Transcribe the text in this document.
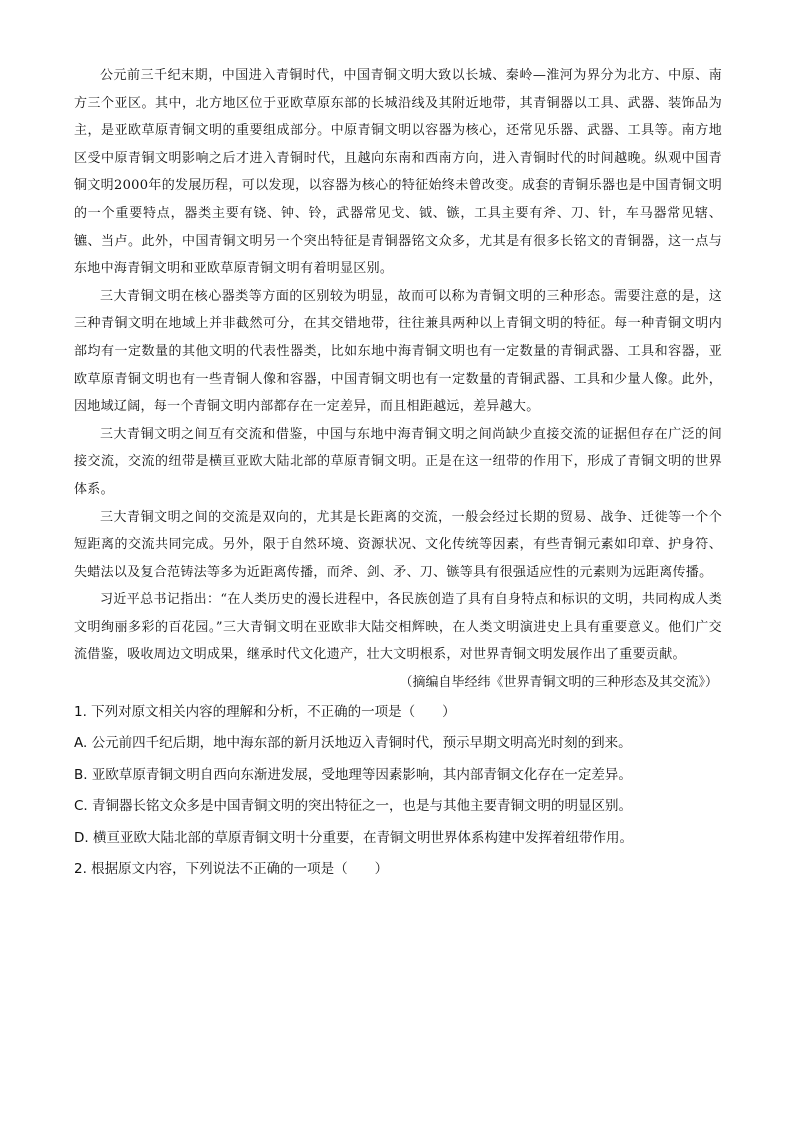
公元前三千纪末期，中国进入青铜时代，中国青铜文明大致以长城、秦岭—淮河为界分为北方、中原、南方三个亚区。其中，北方地区位于亚欧草原东部的长城沿线及其附近地带，其青铜器以工具、武器、装饰品为主，是亚欧草原青铜文明的重要组成部分。中原青铜文明以容器为核心，还常见乐器、武器、工具等。南方地区受中原青铜文明影响之后才进入青铜时代，且越向东南和西南方向，进入青铜时代的时间越晚。纵观中国青铜文明2000年的发展历程，可以发现，以容器为核心的特征始终未曾改变。成套的青铜乐器也是中国青铜文明的一个重要特点，器类主要有铙、钟、铃，武器常见戈、钺、镞，工具主要有斧、刀、针，车马器常见辖、镳、当卢。此外，中国青铜文明另一个突出特征是青铜器铭文众多，尤其是有很多长铭文的青铜器，这一点与东地中海青铜文明和亚欧草原青铜文明有着明显区别。

三大青铜文明在核心器类等方面的区别较为明显，故而可以称为青铜文明的三种形态。需要注意的是，这三种青铜文明在地域上并非截然可分，在其交错地带，往往兼具两种以上青铜文明的特征。每一种青铜文明内部均有一定数量的其他文明的代表性器类，比如东地中海青铜文明也有一定数量的青铜武器、工具和容器，亚欧草原青铜文明也有一些青铜人像和容器，中国青铜文明也有一定数量的青铜武器、工具和少量人像。此外，因地域辽阔，每一个青铜文明内部都存在一定差异，而且相距越远，差异越大。

三大青铜文明之间互有交流和借鉴，中国与东地中海青铜文明之间尚缺少直接交流的证据但存在广泛的间接交流，交流的纽带是横亘亚欧大陆北部的草原青铜文明。正是在这一纽带的作用下，形成了青铜文明的世界体系。

三大青铜文明之间的交流是双向的，尤其是长距离的交流，一般会经过长期的贸易、战争、迁徙等一个个短距离的交流共同完成。另外，限于自然环境、资源状况、文化传统等因素，有些青铜元素如印章、护身符、失蜡法以及复合范铸法等多为近距离传播，而斧、剑、矛、刀、镞等具有很强适应性的元素则为远距离传播。

习近平总书记指出：“在人类历史的漫长进程中，各民族创造了具有自身特点和标识的文明，共同构成人类文明绚丽多彩的百花园。”三大青铜文明在亚欧非大陆交相辉映，在人类文明演进史上具有重要意义。他们广交流借鉴，吸收周边文明成果，继承时代文化遗产，壮大文明根系，对世界青铜文明发展作出了重要贡献。

（摘编自毕经纬《世界青铜文明的三种形态及其交流》）

1. 下列对原文相关内容的理解和分析，不正确的一项是（　　）

A. 公元前四千纪后期，地中海东部的新月沃地迈入青铜时代，预示早期文明高光时刻的到来。

B. 亚欧草原青铜文明自西向东渐进发展，受地理等因素影响，其内部青铜文化存在一定差异。

C. 青铜器长铭文众多是中国青铜文明的突出特征之一，也是与其他主要青铜文明的明显区别。

D. 横亘亚欧大陆北部的草原青铜文明十分重要，在青铜文明世界体系构建中发挥着纽带作用。

2. 根据原文内容，下列说法不正确的一项是（　　）
